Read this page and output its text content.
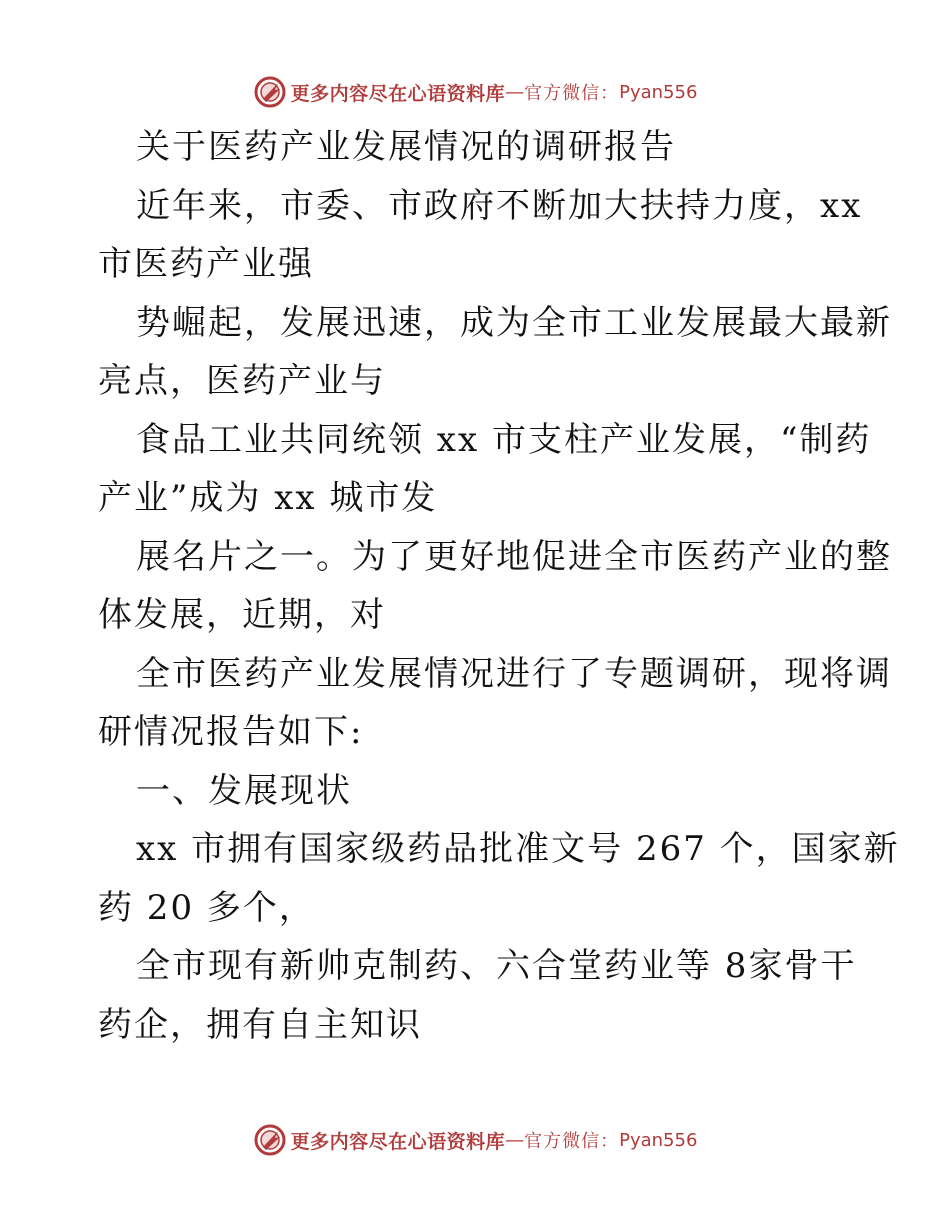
更多内容尽在心语资料库 — 官方微信： Pyan556

关于医药产业发展情况的调研报告

近年来，市委、市政府不断加大扶持力度，xx

市医药产业强

势崛起，发展迅速，成为全市工业发展最大最新

亮点，医药产业与

食品工业共同统领 xx 市支柱产业发展，“制药

产业”成为 xx 城市发

展名片之一。为了更好地促进全市医药产业的整

体发展，近期，对

全市医药产业发展情况进行了专题调研，现将调

研情况报告如下:

一、发展现状

xx 市拥有国家级药品批准文号 267 个，国家新

药 20 多个，

全市现有新帅克制药、六合堂药业等 8家骨干

药企，拥有自主知识

更多内容尽在心语资料库 — 官方微信： Pyan556
